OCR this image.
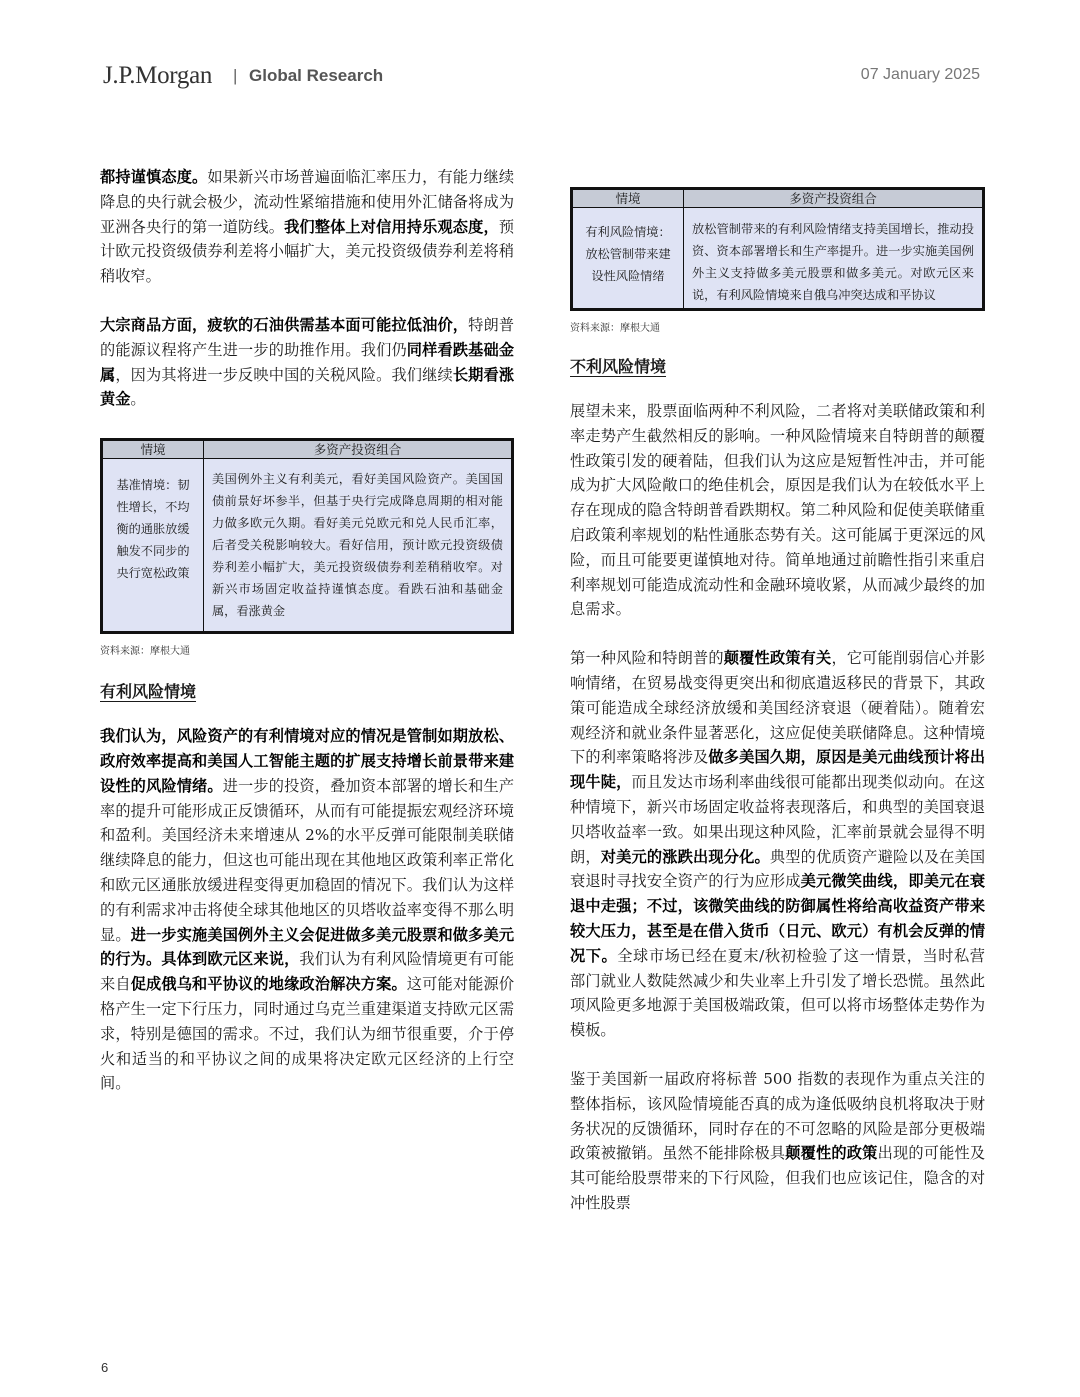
J.P.Morgan | Global Research	07 January 2025

都持谨慎态度。如果新兴市场普遍面临汇率压力，有能力继续降息的央行就会极少，流动性紧缩措施和使用外汇储备将成为亚洲各央行的第一道防线。我们整体上对信用持乐观态度，预计欧元投资级债券利差将小幅扩大，美元投资级债券利差将稍稍收窄。

大宗商品方面，疲软的石油供需基本面可能拉低油价，特朗普的能源议程将产生进一步的助推作用。我们仍同样看跌基础金属，因为其将进一步反映中国的关税风险。我们继续长期看涨黄金。

情境	多资产投资组合
基准情境：韧性增长，不均衡的通胀放缓触发不同步的央行宽松政策	美国例外主义有利美元，看好美国风险资产。美国国债前景好坏参半，但基于央行完成降息周期的相对能力做多欧元久期。看好美元兑欧元和兑人民币汇率，后者受关税影响较大。看好信用，预计欧元投资级债券利差小幅扩大，美元投资级债券利差稍稍收窄。对新兴市场固定收益持谨慎态度。看跌石油和基础金属，看涨黄金
资料来源：摩根大通
有利风险情境

我们认为，风险资产的有利情境对应的情况是管制如期放松、政府效率提高和美国人工智能主题的扩展支持增长前景带来建设性的风险情绪。进一步的投资，叠加资本部署的增长和生产率的提升可能形成正反馈循环，从而有可能提振宏观经济环境和盈利。美国经济未来增速从 2%的水平反弹可能限制美联储继续降息的能力，但这也可能出现在其他地区政策利率正常化和欧元区通胀放缓进程变得更加稳固的情况下。我们认为这样的有利需求冲击将使全球其他地区的贝塔收益率变得不那么明显。进一步实施美国例外主义会促进做多美元股票和做多美元的行为。具体到欧元区来说，我们认为有利风险情境更有可能来自促成俄乌和平协议的地缘政治解决方案。这可能对能源价格产生一定下行压力，同时通过乌克兰重建渠道支持欧元区需求，特别是德国的需求。不过，我们认为细节很重要，介于停火和适当的和平协议之间的成果将决定欧元区经济的上行空间。

情境	多资产投资组合
有利风险情境：放松管制带来建设性风险情绪	放松管制带来的有利风险情绪支持美国增长，推动投资、资本部署增长和生产率提升。进一步实施美国例外主义支持做多美元股票和做多美元。对欧元区来说，有利风险情境来自俄乌冲突达成和平协议
资料来源：摩根大通
不利风险情境

展望未来，股票面临两种不利风险，二者将对美联储政策和利率走势产生截然相反的影响。一种风险情境来自特朗普的颠覆性政策引发的硬着陆，但我们认为这应是短暂性冲击，并可能成为扩大风险敞口的绝佳机会，原因是我们认为在较低水平上存在现成的隐含特朗普看跌期权。第二种风险和促使美联储重启政策利率规划的粘性通胀态势有关。这可能属于更深远的风险，而且可能要更谨慎地对待。简单地通过前瞻性指引来重启利率规划可能造成流动性和金融环境收紧，从而减少最终的加息需求。

第一种风险和特朗普的颠覆性政策有关，它可能削弱信心并影响情绪，在贸易战变得更突出和彻底遣返移民的背景下，其政策可能造成全球经济放缓和美国经济衰退（硬着陆）。随着宏观经济和就业条件显著恶化，这应促使美联储降息。这种情境下的利率策略将涉及做多美国久期，原因是美元曲线预计将出现牛陡，而且发达市场利率曲线很可能都出现类似动向。在这种情境下，新兴市场固定收益将表现落后，和典型的美国衰退贝塔收益率一致。如果出现这种风险，汇率前景就会显得不明朗，对美元的涨跌出现分化。典型的优质资产避险以及在美国衰退时寻找安全资产的行为应形成美元微笑曲线，即美元在衰退中走强；不过，该微笑曲线的防御属性将给高收益资产带来较大压力，甚至是在借入货币（日元、欧元）有机会反弹的情况下。全球市场已经在夏末/秋初检验了这一情景，当时私营部门就业人数陡然减少和失业率上升引发了增长恐慌。虽然此项风险更多地源于美国极端政策，但可以将市场整体走势作为模板。

鉴于美国新一届政府将标普 500 指数的表现作为重点关注的整体指标，该风险情境能否真的成为逢低吸纳良机将取决于财务状况的反馈循环，同时存在的不可忽略的风险是部分更极端政策被撤销。虽然不能排除极具颠覆性的政策出现的可能性及其可能给股票带来的下行风险，但我们也应该记住，隐含的对冲性股票

6
